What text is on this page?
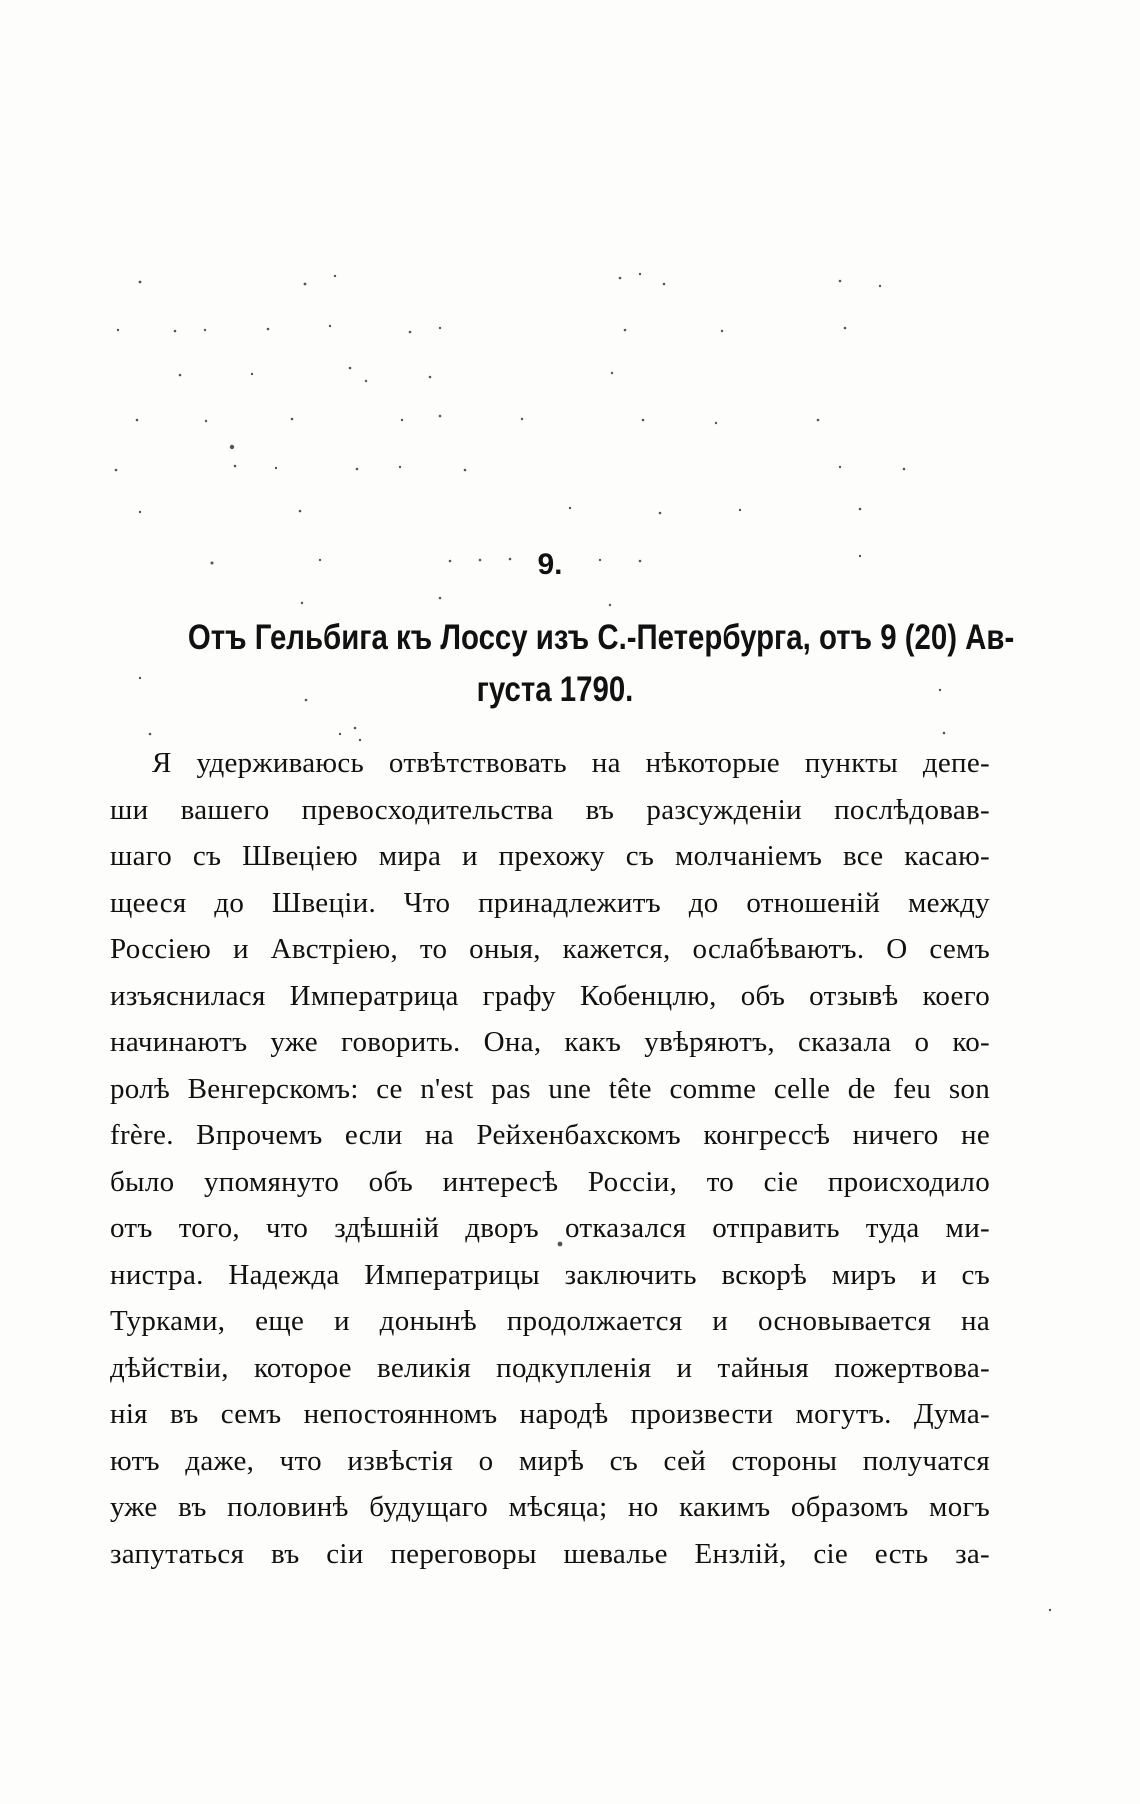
9.
Отъ Гельбига къ Лоссу изъ С.-Петербурга, отъ 9 (20) Ав-
густа 1790.
Я удерживаюсь отвѣтствовать на нѣкоторые пункты депе-
ши вашего превосходительства въ разсужденіи послѣдовав-
шаго съ Швеціею мира и прехожу съ молчаніемъ все касаю-
щееся до Швеціи. Что принадлежитъ до отношеній между
Россіею и Австріею, то оныя, кажется, ослабѣваютъ. О семъ
изъяснилася Императрица графу Кобенцлю, объ отзывѣ коего
начинаютъ уже говорить. Она, какъ увѣряютъ, сказала о ко-
ролѣ Венгерскомъ: ce n'est pas une tête comme celle de feu son
frère. Впрочемъ если на Рейхенбахскомъ конгрессѣ ничего не
было упомянуто объ интересѣ Россіи, то сіе происходило
отъ того, что здѣшній дворъ отказался отправить туда ми-
нистра. Надежда Императрицы заключить вскорѣ миръ и съ
Турками, еще и донынѣ продолжается и основывается на
дѣйствіи, которое великія подкупленія и тайныя пожертвова-
нія въ семъ непостоянномъ народѣ произвести могутъ. Дума-
ютъ даже, что извѣстія о мирѣ съ сей стороны получатся
уже въ половинѣ будущаго мѣсяца; но какимъ образомъ могъ
запутаться въ сіи переговоры шевалье Ензлій, сіе есть за-
